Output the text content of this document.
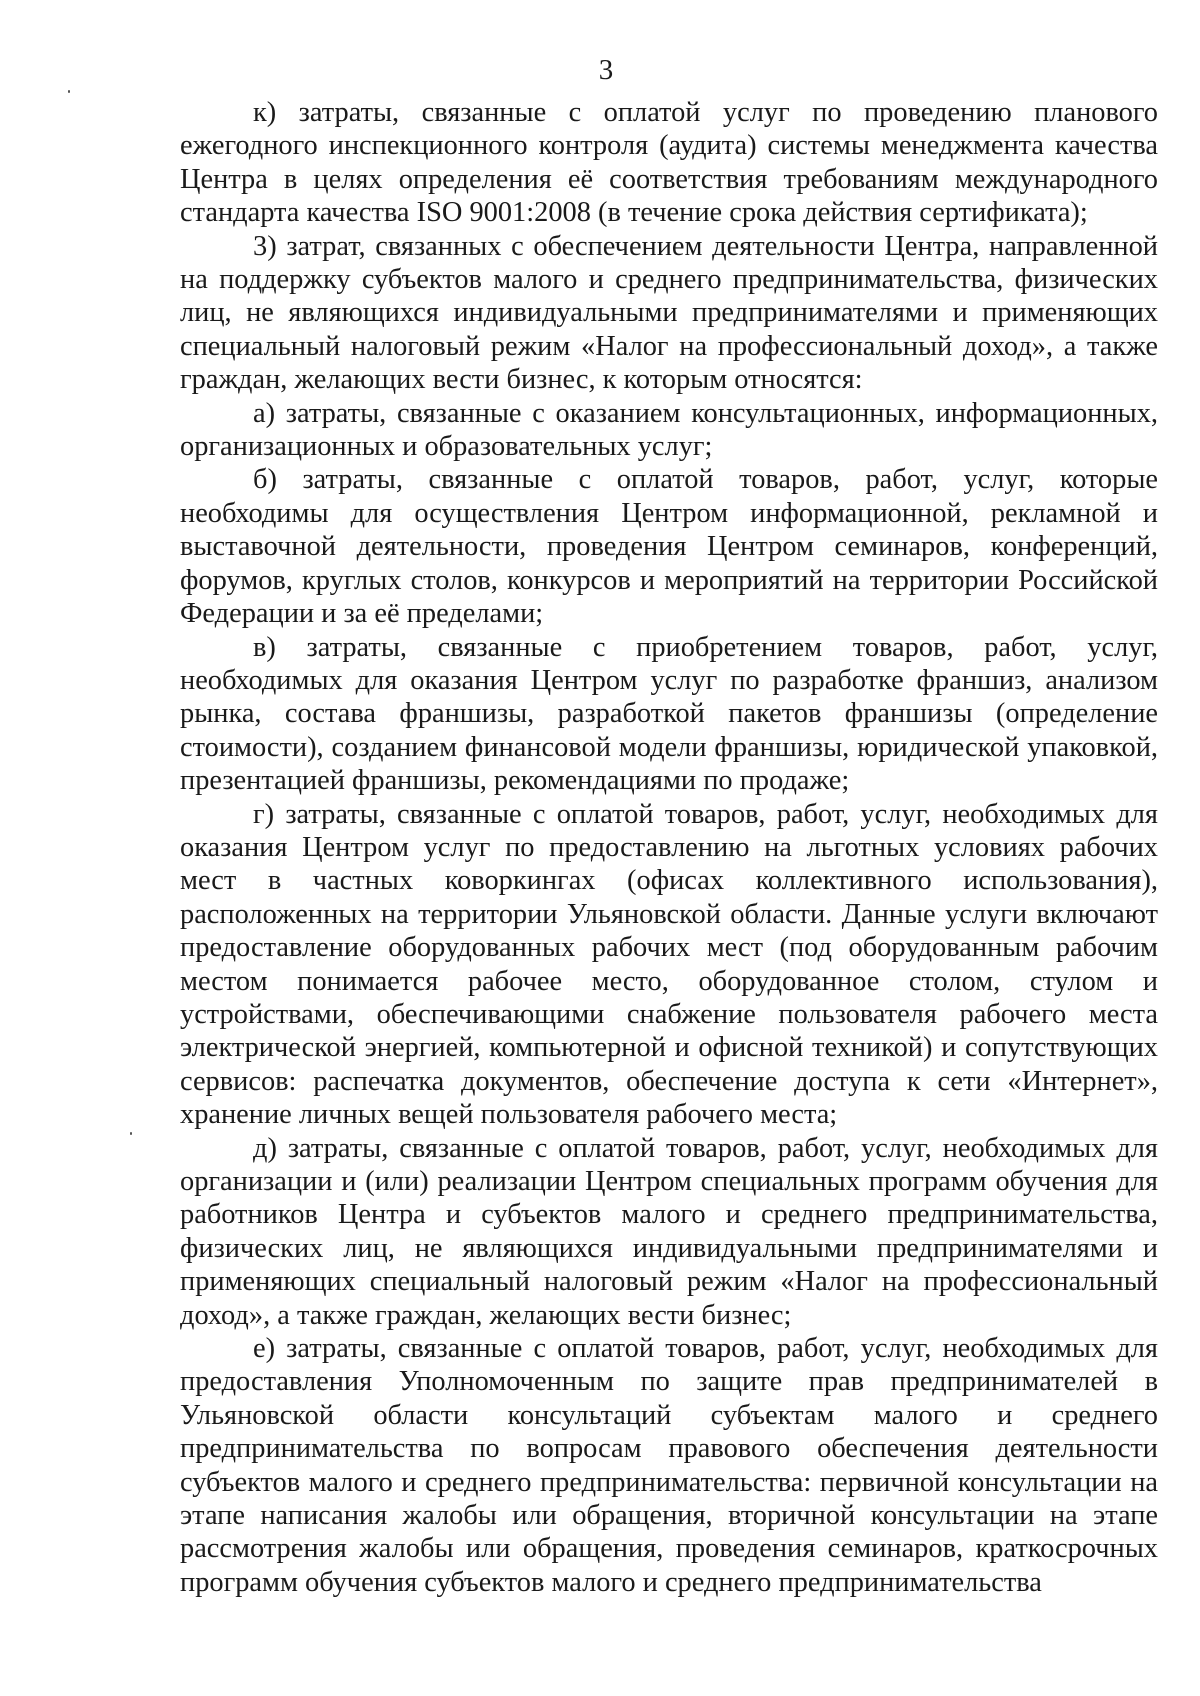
3

к) затраты, связанные с оплатой услуг по проведению планового ежегодного инспекционного контроля (аудита) системы менеджмента качества Центра в целях определения её соответствия требованиям международного стандарта качества ISO 9001:2008 (в течение срока действия сертификата);

3) затрат, связанных с обеспечением деятельности Центра, направленной на поддержку субъектов малого и среднего предпринимательства, физических лиц, не являющихся индивидуальными предпринимателями и применяющих специальный налоговый режим «Налог на профессиональный доход», а также граждан, желающих вести бизнес, к которым относятся:

а) затраты, связанные с оказанием консультационных, информационных, организационных и образовательных услуг;

б) затраты, связанные с оплатой товаров, работ, услуг, которые необходимы для осуществления Центром информационной, рекламной и выставочной деятельности, проведения Центром семинаров, конференций, форумов, круглых столов, конкурсов и мероприятий на территории Российской Федерации и за её пределами;

в) затраты, связанные с приобретением товаров, работ, услуг, необходимых для оказания Центром услуг по разработке франшиз, анализом рынка, состава франшизы, разработкой пакетов франшизы (определение стоимости), созданием финансовой модели франшизы, юридической упаковкой, презентацией франшизы, рекомендациями по продаже;

г) затраты, связанные с оплатой товаров, работ, услуг, необходимых для оказания Центром услуг по предоставлению на льготных условиях рабочих мест в частных коворкингах (офисах коллективного использования), расположенных на территории Ульяновской области. Данные услуги включают предоставление оборудованных рабочих мест (под оборудованным рабочим местом понимается рабочее место, оборудованное столом, стулом и устройствами, обеспечивающими снабжение пользователя рабочего места электрической энергией, компьютерной и офисной техникой) и сопутствующих сервисов: распечатка документов, обеспечение доступа к сети «Интернет», хранение личных вещей пользователя рабочего места;

д) затраты, связанные с оплатой товаров, работ, услуг, необходимых для организации и (или) реализации Центром специальных программ обучения для работников Центра и субъектов малого и среднего предпринимательства, физических лиц, не являющихся индивидуальными предпринимателями и применяющих специальный налоговый режим «Налог на профессиональный доход», а также граждан, желающих вести бизнес;

е) затраты, связанные с оплатой товаров, работ, услуг, необходимых для предоставления Уполномоченным по защите прав предпринимателей в Ульяновской области консультаций субъектам малого и среднего предпринимательства по вопросам правового обеспечения деятельности субъектов малого и среднего предпринимательства: первичной консультации на этапе написания жалобы или обращения, вторичной консультации на этапе рассмотрения жалобы или обращения, проведения семинаров, краткосрочных программ обучения субъектов малого и среднего предпринимательства
